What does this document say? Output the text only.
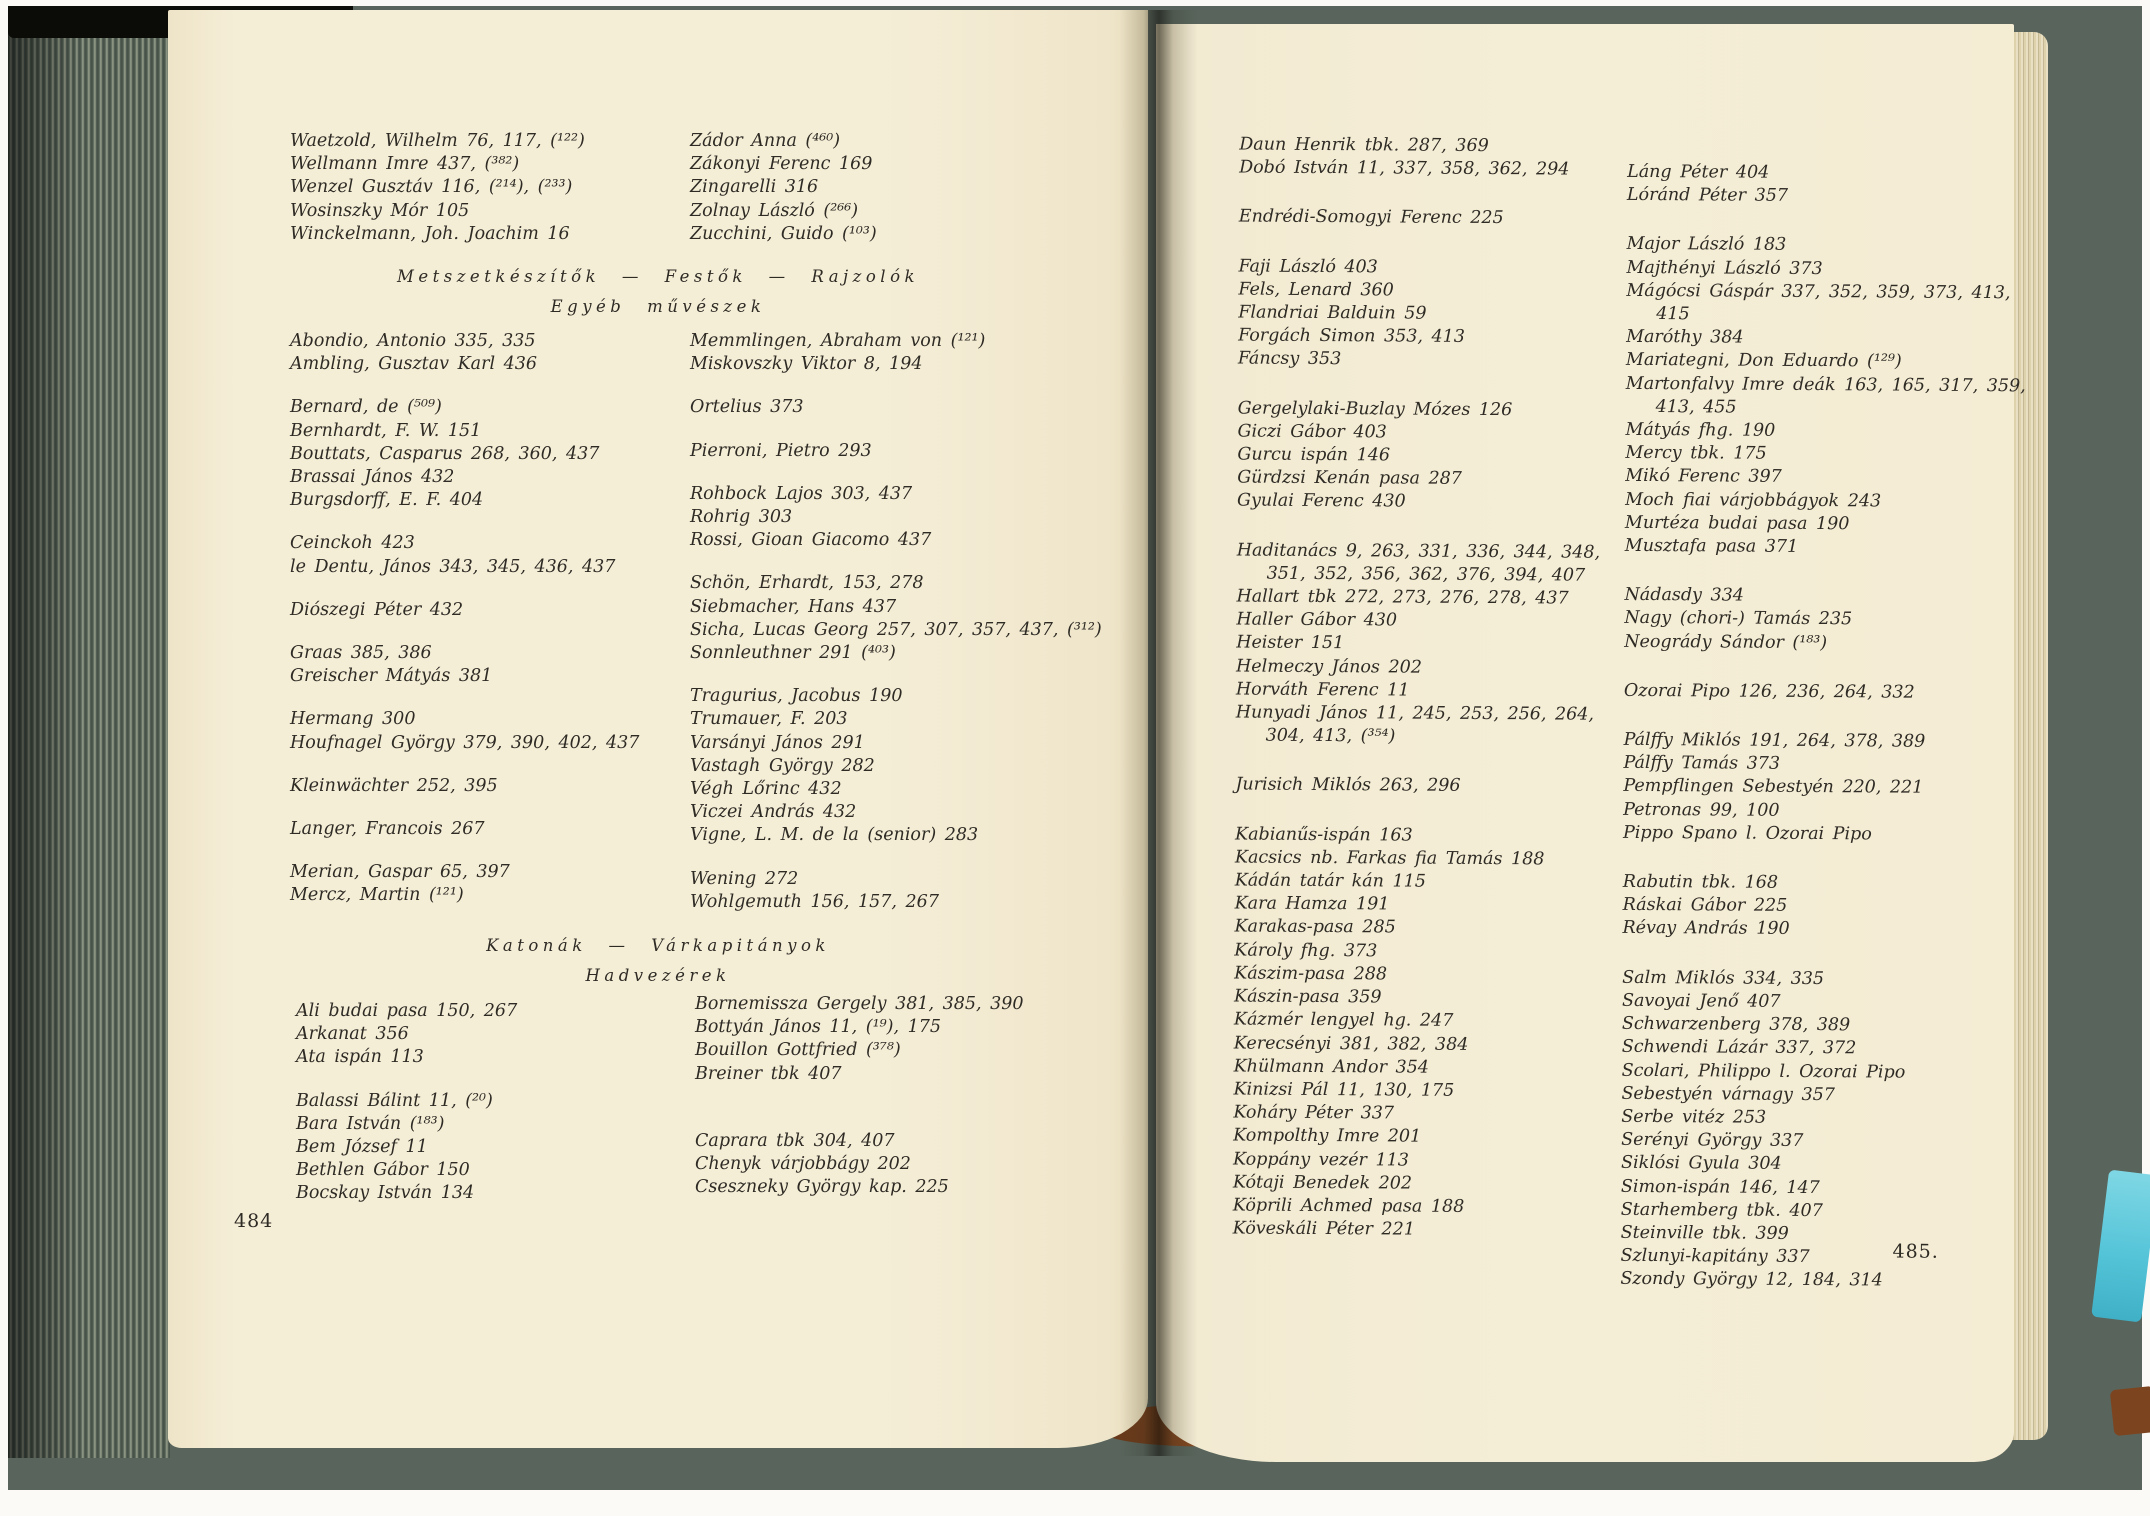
Waetzold, Wilhelm 76, 117, (¹²²)
Wellmann Imre 437, (³⁸²)
Wenzel Gusztáv 116, (²¹⁴), (²³³)
Wosinszky Mór 105
Winckelmann, Joh. Joachim 16
Zádor Anna (⁴⁶⁰)
Zákonyi Ferenc 169
Zingarelli 316
Zolnay László (²⁶⁶)
Zucchini, Guido (¹⁰³)
Metszetkészítők — Festők — Rajzolók
Egyéb művészek
Abondio, Antonio 335, 335
Ambling, Gusztav Karl 436
Bernard, de (⁵⁰⁹)
Bernhardt, F. W. 151
Bouttats, Casparus 268, 360, 437
Brassai János 432
Burgsdorff, E. F. 404
Ceinckoh 423
le Dentu, János 343, 345, 436, 437
Diószegi Péter 432
Graas 385, 386
Greischer Mátyás 381
Hermang 300
Houfnagel György 379, 390, 402, 437
Kleinwächter 252, 395
Langer, Francois 267
Merian, Gaspar 65, 397
Mercz, Martin (¹²¹)
Memmlingen, Abraham von (¹²¹)
Miskovszky Viktor 8, 194
Ortelius 373
Pierroni, Pietro 293
Rohbock Lajos 303, 437
Rohrig 303
Rossi, Gioan Giacomo 437
Schön, Erhardt, 153, 278
Siebmacher, Hans 437
Sicha, Lucas Georg 257, 307, 357, 437, (³¹²)
Sonnleuthner 291 (⁴⁰³)
Tragurius, Jacobus 190
Trumauer, F. 203
Varsányi János 291
Vastagh György 282
Végh Lőrinc 432
Viczei András 432
Vigne, L. M. de la (senior) 283
Wening 272
Wohlgemuth 156, 157, 267
Katonák — Várkapitányok
Hadvezérek
Ali budai pasa 150, 267
Arkanat 356
Ata ispán 113
Balassi Bálint 11, (²⁰)
Bara István (¹⁸³)
Bem József 11
Bethlen Gábor 150
Bocskay István 134
Bornemissza Gergely 381, 385, 390
Bottyán János 11, (¹⁹), 175
Bouillon Gottfried (³⁷⁸)
Breiner tbk 407
Caprara tbk 304, 407
Chenyk várjobbágy 202
Cseszneky György kap. 225
484
Daun Henrik tbk. 287, 369
Dobó István 11, 337, 358, 362, 294
Endrédi-Somogyi Ferenc 225
Faji László 403
Fels, Lenard 360
Flandriai Balduin 59
Forgách Simon 353, 413
Fáncsy 353
Gergelylaki-Buzlay Mózes 126
Giczi Gábor 403
Gurcu ispán 146
Gürdzsi Kenán pasa 287
Gyulai Ferenc 430
Haditanács 9, 263, 331, 336, 344, 348, 351, 352, 356, 362, 376, 394, 407
Hallart tbk 272, 273, 276, 278, 437
Haller Gábor 430
Heister 151
Helmeczy János 202
Horváth Ferenc 11
Hunyadi János 11, 245, 253, 256, 264, 304, 413, (³⁵⁴)
Jurisich Miklós 263, 296
Kabianűs-ispán 163
Kacsics nb. Farkas fia Tamás 188
Kádán tatár kán 115
Kara Hamza 191
Karakas-pasa 285
Károly fhg. 373
Kászim-pasa 288
Kászin-pasa 359
Kázmér lengyel hg. 247
Kerecsényi 381, 382, 384
Khülmann Andor 354
Kinizsi Pál 11, 130, 175
Koháry Péter 337
Kompolthy Imre 201
Koppány vezér 113
Kótaji Benedek 202
Köprili Achmed pasa 188
Köveskáli Péter 221
Láng Péter 404
Lóránd Péter 357
Major László 183
Majthényi László 373
Mágócsi Gáspár 337, 352, 359, 373, 413, 415
Maróthy 384
Mariategni, Don Eduardo (¹²⁹)
Martonfalvy Imre deák 163, 165, 317, 359, 413, 455
Mátyás fhg. 190
Mercy tbk. 175
Mikó Ferenc 397
Moch fiai várjobbágyok 243
Murtéza budai pasa 190
Musztafa pasa 371
Nádasdy 334
Nagy (chori-) Tamás 235
Neogrády Sándor (¹⁸³)
Ozorai Pipo 126, 236, 264, 332
Pálffy Miklós 191, 264, 378, 389
Pálffy Tamás 373
Pempflingen Sebestyén 220, 221
Petronas 99, 100
Pippo Spano l. Ozorai Pipo
Rabutin tbk. 168
Ráskai Gábor 225
Révay András 190
Salm Miklós 334, 335
Savoyai Jenő 407
Schwarzenberg 378, 389
Schwendi Lázár 337, 372
Scolari, Philippo l. Ozorai Pipo
Sebestyén várnagy 357
Serbe vitéz 253
Serényi György 337
Siklósi Gyula 304
Simon-ispán 146, 147
Starhemberg tbk. 407
Steinville tbk. 399
Szlunyi-kapitány 337
Szondy György 12, 184, 314
485.
